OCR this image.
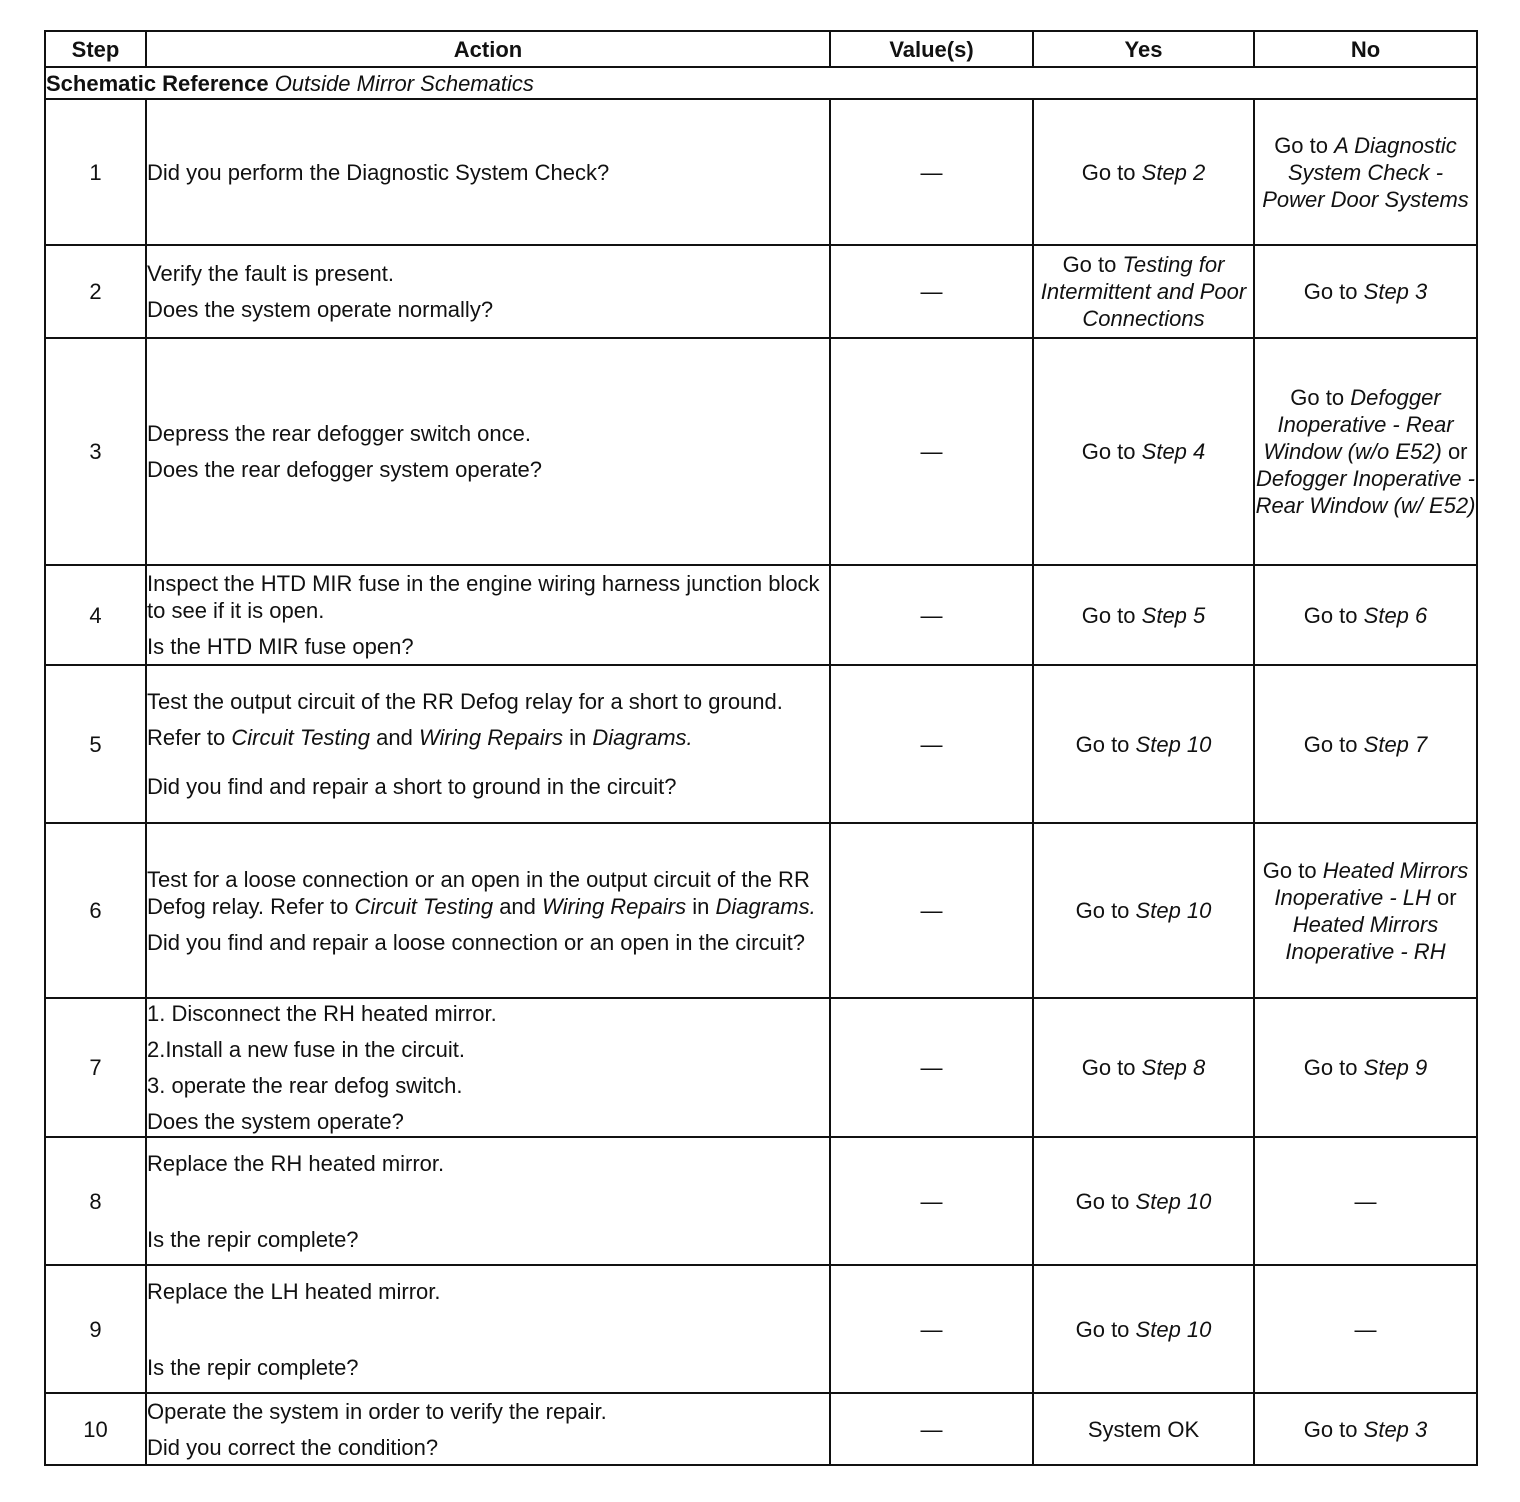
Step	Action	Value(s)	Yes	No
Schematic Reference Outside Mirror Schematics				
1	Did you perform the Diagnostic System Check?	—	Go to Step 2	Go to A Diagnostic System Check - Power Door Systems
2	Verify the fault is present.
Does the system operate normally?	—	Go to Testing for Intermittent and Poor Connections	Go to Step 3
3	Depress the rear defogger switch once.
Does the rear defogger system operate?	—	Go to Step 4	Go to Defogger Inoperative - Rear Window (w/o E52) or Defogger Inoperative - Rear Window (w/ E52)
4	Inspect the HTD MIR fuse in the engine wiring harness junction block to see if it is open.
Is the HTD MIR fuse open?	—	Go to Step 5	Go to Step 6
5	Test the output circuit of the RR Defog relay for a short to ground.
Refer to Circuit Testing and Wiring Repairs in Diagrams.
Did you find and repair a short to ground in the circuit?	—	Go to Step 10	Go to Step 7
6	Test for a loose connection or an open in the output circuit of the RR Defog relay. Refer to Circuit Testing and Wiring Repairs in Diagrams.
Did you find and repair a loose connection or an open in the circuit?	—	Go to Step 10	Go to Heated Mirrors Inoperative - LH or Heated Mirrors Inoperative - RH
7	1. Disconnect the RH heated mirror.
2.Install a new fuse in the circuit.
3. operate the rear defog switch.
Does the system operate?	—	Go to Step 8	Go to Step 9
8	Replace the RH heated mirror.
Is the repir complete?	—	Go to Step 10	—
9	Replace the LH heated mirror.
Is the repir complete?	—	Go to Step 10	—
10	Operate the system in order to verify the repair.
Did you correct the condition?	—	System OK	Go to Step 3
